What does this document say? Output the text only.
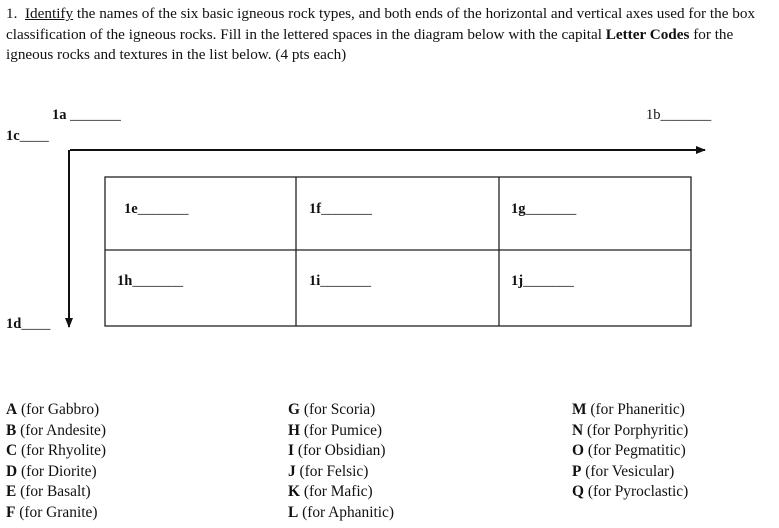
1. Identify the names of the six basic igneous rock types, and both ends of the horizontal and vertical axes used for the box classification of the igneous rocks. Fill in the lettered spaces in the diagram below with the capital Letter Codes for the igneous rocks and textures in the list below. (4 pts each)
1a _______	1b_______
1c____
1d____
1e_______	1f_______	1g_______
1h_______	1i_______	1j_______
A (for Gabbro)
B (for Andesite)
C (for Rhyolite)
D (for Diorite)
E (for Basalt)
F (for Granite)
G (for Scoria)
H (for Pumice)
I (for Obsidian)
J (for Felsic)
K (for Mafic)
L (for Aphanitic)
M (for Phaneritic)
N (for Porphyritic)
O (for Pegmatitic)
P (for Vesicular)
Q (for Pyroclastic)
